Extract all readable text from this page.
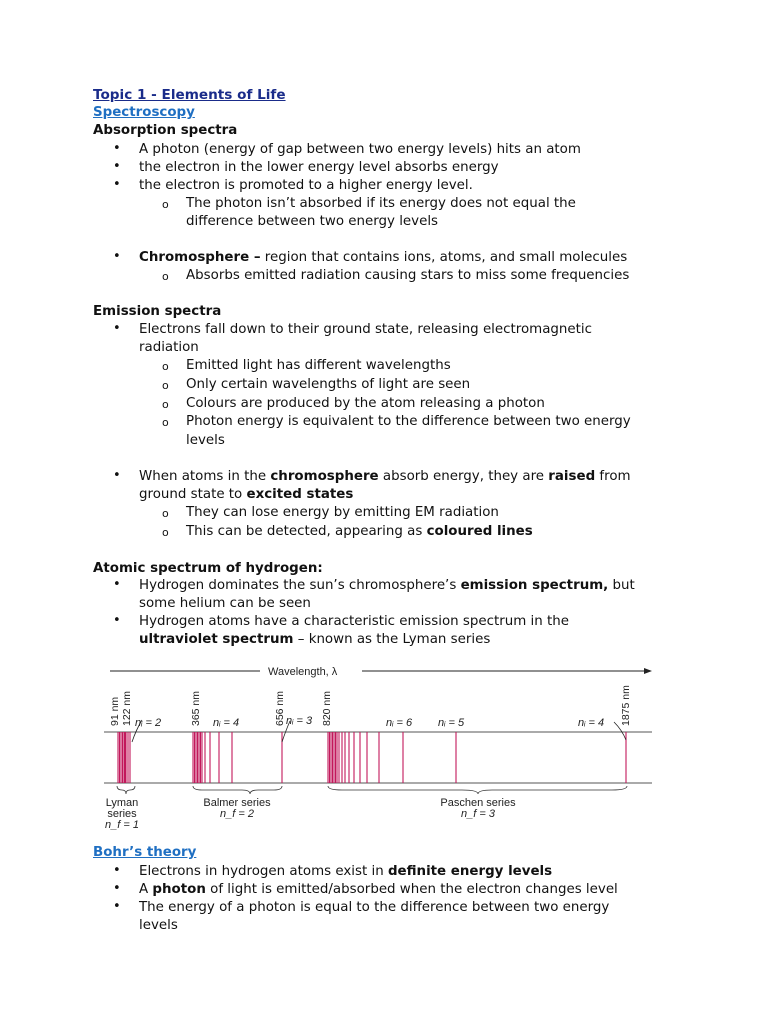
Topic 1 - Elements of Life
Spectroscopy
Absorption spectra
• A photon (energy of gap between two energy levels) hits an atom
• the electron in the lower energy level absorbs energy
• the electron is promoted to a higher energy level.
o The photon isn’t absorbed if its energy does not equal the
difference between two energy levels
• Chromosphere – region that contains ions, atoms, and small molecules
o Absorbs emitted radiation causing stars to miss some frequencies
Emission spectra
• Electrons fall down to their ground state, releasing electromagnetic
radiation
o Emitted light has different wavelengths
o Only certain wavelengths of light are seen
o Colours are produced by the atom releasing a photon
o Photon energy is equivalent to the difference between two energy
levels
• When atoms in the chromosphere absorb energy, they are raised from
ground state to excited states
o They can lose energy by emitting EM radiation
o This can be detected, appearing as coloured lines
Atomic spectrum of hydrogen:
• Hydrogen dominates the sun’s chromosphere’s emission spectrum, but
some helium can be seen
• Hydrogen atoms have a characteristic emission spectrum in the
ultraviolet spectrum – known as the Lyman series
Wavelength, λ
91 nm 122 nm	365 nm	656 nm	820 nm	1875 nm
nᵢ = 2	nᵢ = 4	nᵢ = 3	nᵢ = 6 nᵢ = 5	nᵢ = 4
Lyman
series
n_f = 1
Balmer series
n_f = 2
Paschen series
n_f = 3
Bohr’s theory
• Electrons in hydrogen atoms exist in definite energy levels
• A photon of light is emitted/absorbed when the electron changes level
• The energy of a photon is equal to the difference between two energy
levels
